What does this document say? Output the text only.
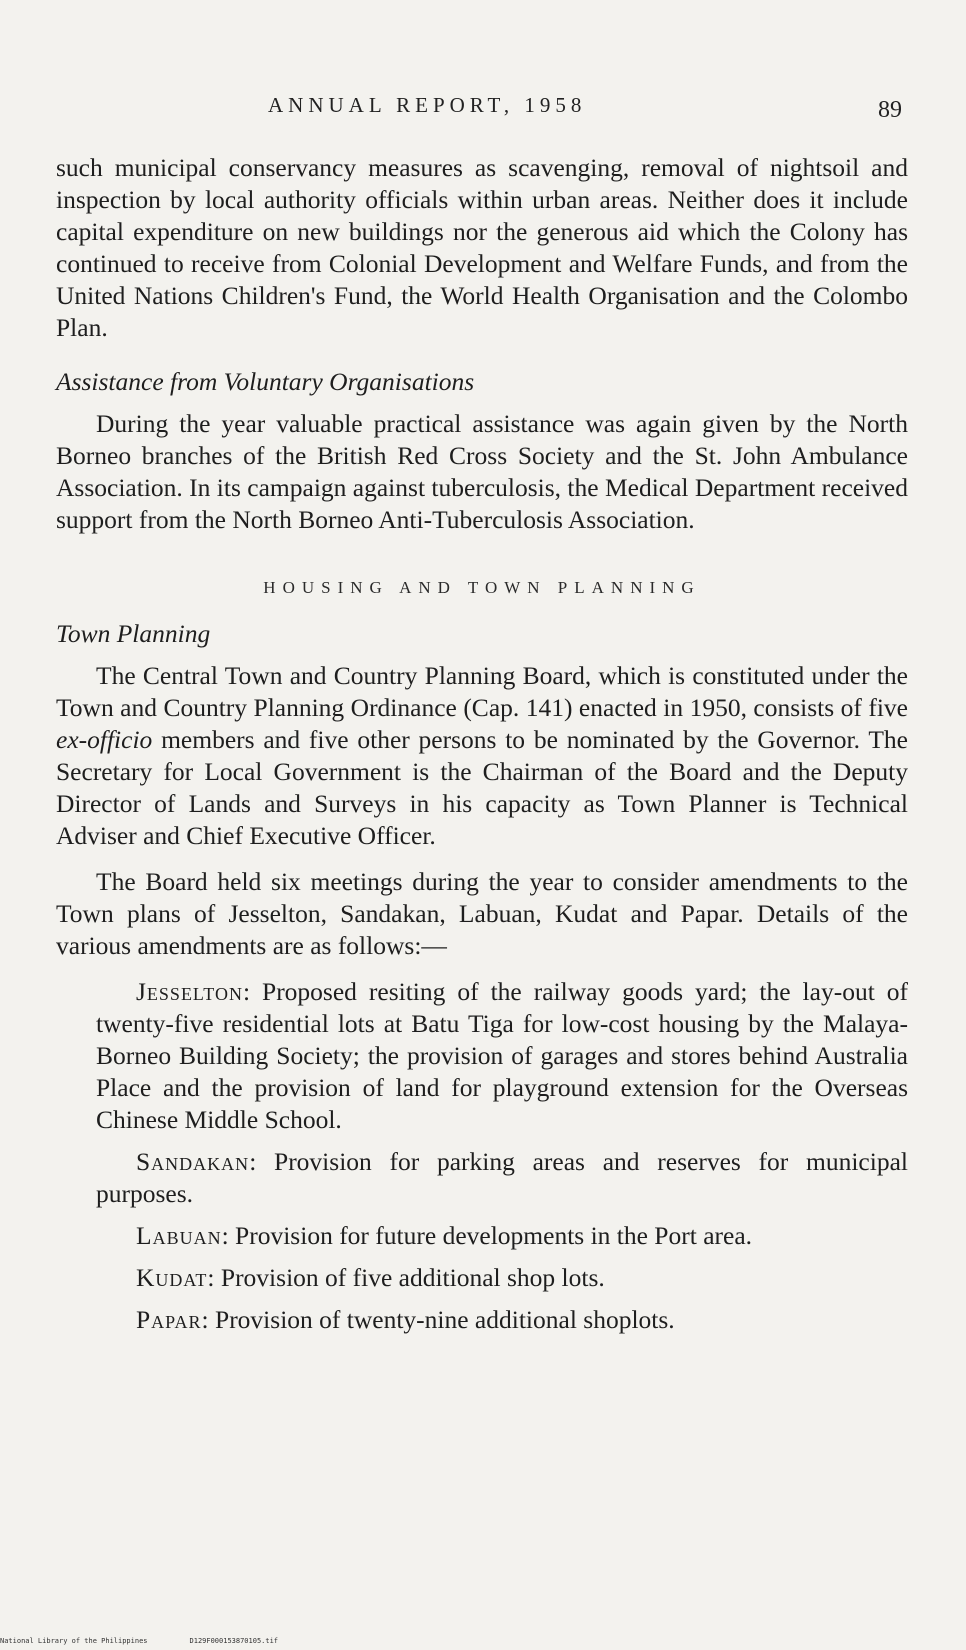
ANNUAL REPORT, 1958	89

such municipal conservancy measures as scavenging, removal of nightsoil and inspection by local authority officials within urban areas. Neither does it include capital expenditure on new buildings nor the generous aid which the Colony has continued to receive from Colonial Development and Welfare Funds, and from the United Nations Children's Fund, the World Health Organisation and the Colombo Plan.

Assistance from Voluntary Organisations

During the year valuable practical assistance was again given by the North Borneo branches of the British Red Cross Society and the St. John Ambulance Association. In its campaign against tuberculosis, the Medical Department received support from the North Borneo Anti-Tuberculosis Association.

HOUSING AND TOWN PLANNING
Town Planning

The Central Town and Country Planning Board, which is constituted under the Town and Country Planning Ordinance (Cap. 141) enacted in 1950, consists of five ex-officio members and five other persons to be nominated by the Governor. The Secretary for Local Government is the Chairman of the Board and the Deputy Director of Lands and Surveys in his capacity as Town Planner is Technical Adviser and Chief Executive Officer.

The Board held six meetings during the year to consider amendments to the Town plans of Jesselton, Sandakan, Labuan, Kudat and Papar. Details of the various amendments are as follows:—

Jesselton: Proposed resiting of the railway goods yard; the lay-out of twenty-five residential lots at Batu Tiga for low-cost housing by the Malaya-Borneo Building Society; the provision of garages and stores behind Australia Place and the provision of land for playground extension for the Overseas Chinese Middle School.

Sandakan: Provision for parking areas and reserves for municipal purposes.

Labuan: Provision for future developments in the Port area.

Kudat: Provision of five additional shop lots.

Papar: Provision of twenty-nine additional shoplots.

National Library of the Philippines	D129F000153870105.tif
